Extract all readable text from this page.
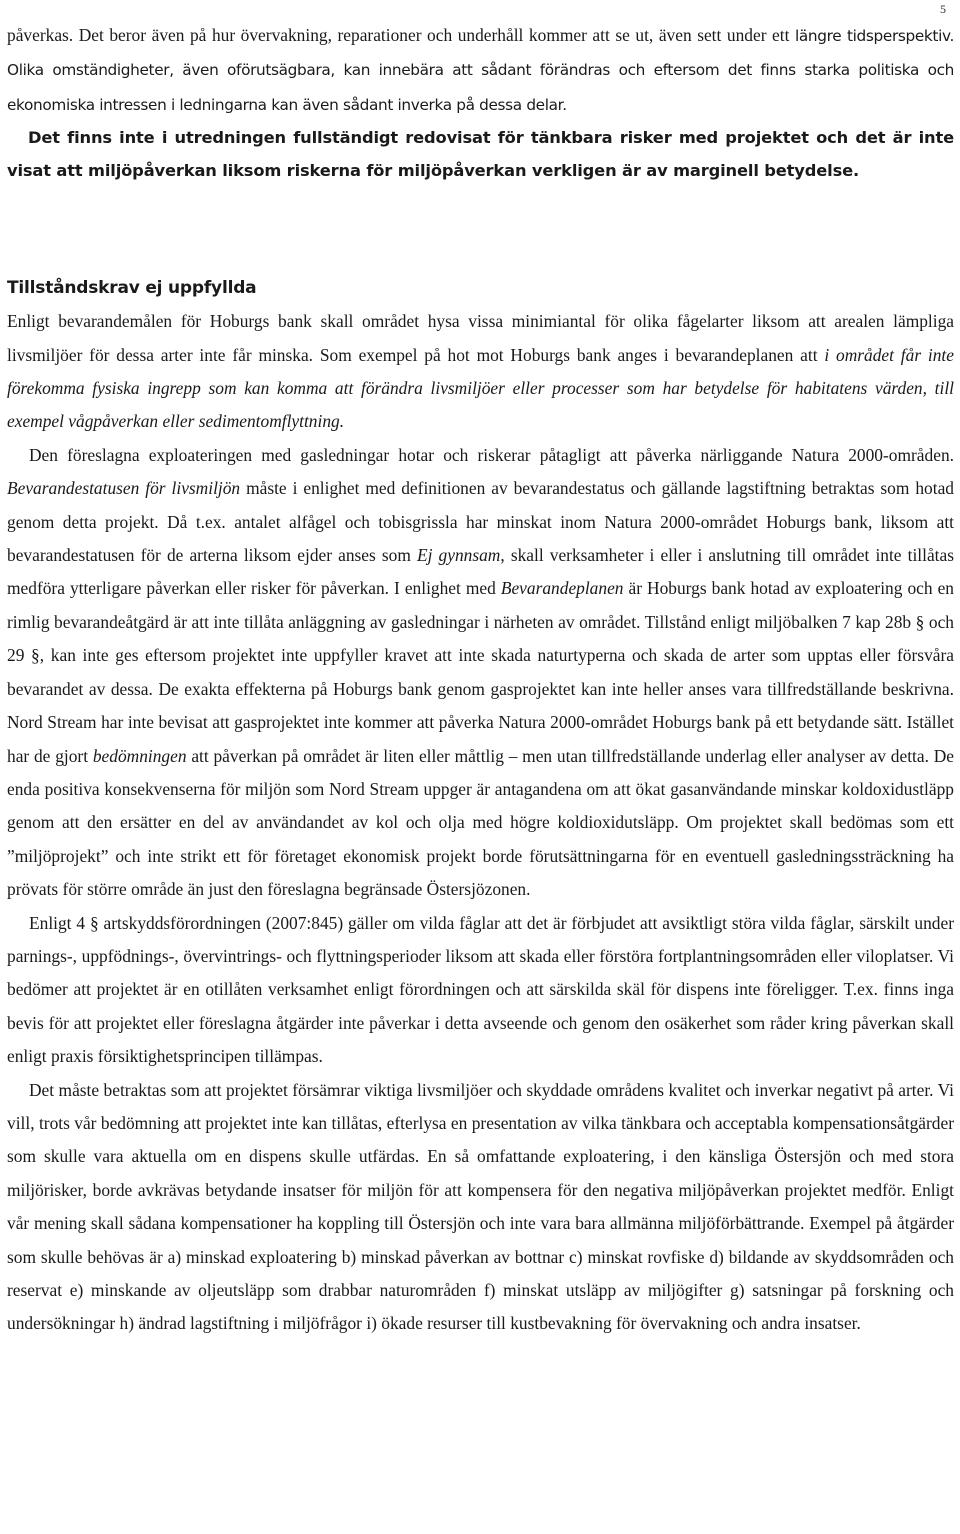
5

påverkas. Det beror även på hur övervakning, reparationer och underhåll kommer att se ut, även sett under ett längre tidsperspektiv. Olika omständigheter, även oförutsägbara, kan innebära att sådant förändras och eftersom det finns starka politiska och ekonomiska intressen i ledningarna kan även sådant inverka på dessa delar.

Det finns inte i utredningen fullständigt redovisat för tänkbara risker med projektet och det är inte visat att miljöpåverkan liksom riskerna för miljöpåverkan verkligen är av marginell betydelse.

Tillståndskrav ej uppfyllda

Enligt bevarandemålen för Hoburgs bank skall området hysa vissa minimiantal för olika fågelarter liksom att arealen lämpliga livsmiljöer för dessa arter inte får minska. Som exempel på hot mot Hoburgs bank anges i bevarandeplanen att i området får inte förekomma fysiska ingrepp som kan komma att förändra livsmiljöer eller processer som har betydelse för habitatens värden, till exempel vågpåverkan eller sedimentomflyttning.

Den föreslagna exploateringen med gasledningar hotar och riskerar påtagligt att påverka närliggande Natura 2000-områden. Bevarandestatusen för livsmiljön måste i enlighet med definitionen av bevarandestatus och gällande lagstiftning betraktas som hotad genom detta projekt. Då t.ex. antalet alfågel och tobisgrissla har minskat inom Natura 2000-området Hoburgs bank, liksom att bevarandestatusen för de arterna liksom ejder anses som Ej gynnsam, skall verksamheter i eller i anslutning till området inte tillåtas medföra ytterligare påverkan eller risker för påverkan. I enlighet med Bevarandeplanen är Hoburgs bank hotad av exploatering och en rimlig bevarandeåtgärd är att inte tillåta anläggning av gasledningar i närheten av området. Tillstånd enligt miljöbalken 7 kap 28b § och 29 §, kan inte ges eftersom projektet inte uppfyller kravet att inte skada naturtyperna och skada de arter som upptas eller försvåra bevarandet av dessa. De exakta effekterna på Hoburgs bank genom gasprojektet kan inte heller anses vara tillfredställande beskrivna. Nord Stream har inte bevisat att gasprojektet inte kommer att påverka Natura 2000-området Hoburgs bank på ett betydande sätt. Istället har de gjort bedömningen att påverkan på området är liten eller måttlig – men utan tillfredställande underlag eller analyser av detta. De enda positiva konsekvenserna för miljön som Nord Stream uppger är antagandena om att ökat gasanvändande minskar koldoxidustläpp genom att den ersätter en del av användandet av kol och olja med högre koldioxidutsläpp. Om projektet skall bedömas som ett ”miljöprojekt” och inte strikt ett för företaget ekonomisk projekt borde förutsättningarna för en eventuell gasledningssträckning ha prövats för större område än just den föreslagna begränsade Östersjözonen.

Enligt 4 § artskyddsförordningen (2007:845) gäller om vilda fåglar att det är förbjudet att avsiktligt störa vilda fåglar, särskilt under parnings-, uppfödnings-, övervintrings- och flyttningsperioder liksom att skada eller förstöra fortplantningsområden eller viloplatser. Vi bedömer att projektet är en otillåten verksamhet enligt förordningen och att särskilda skäl för dispens inte föreligger. T.ex. finns inga bevis för att projektet eller föreslagna åtgärder inte påverkar i detta avseende och genom den osäkerhet som råder kring påverkan skall enligt praxis försiktighetsprincipen tillämpas.

Det måste betraktas som att projektet försämrar viktiga livsmiljöer och skyddade områdens kvalitet och inverkar negativt på arter. Vi vill, trots vår bedömning att projektet inte kan tillåtas, efterlysa en presentation av vilka tänkbara och acceptabla kompensationsåtgärder som skulle vara aktuella om en dispens skulle utfärdas. En så omfattande exploatering, i den känsliga Östersjön och med stora miljörisker, borde avkrävas betydande insatser för miljön för att kompensera för den negativa miljöpåverkan projektet medför. Enligt vår mening skall sådana kompensationer ha koppling till Östersjön och inte vara bara allmänna miljöförbättrande. Exempel på åtgärder som skulle behövas är a) minskad exploatering b) minskad påverkan av bottnar c) minskat rovfiske d) bildande av skyddsområden och reservat e) minskande av oljeutsläpp som drabbar naturområden f) minskat utsläpp av miljögifter g) satsningar på forskning och undersökningar h) ändrad lagstiftning i miljöfrågor i) ökade resurser till kustbevakning för övervakning och andra insatser.
